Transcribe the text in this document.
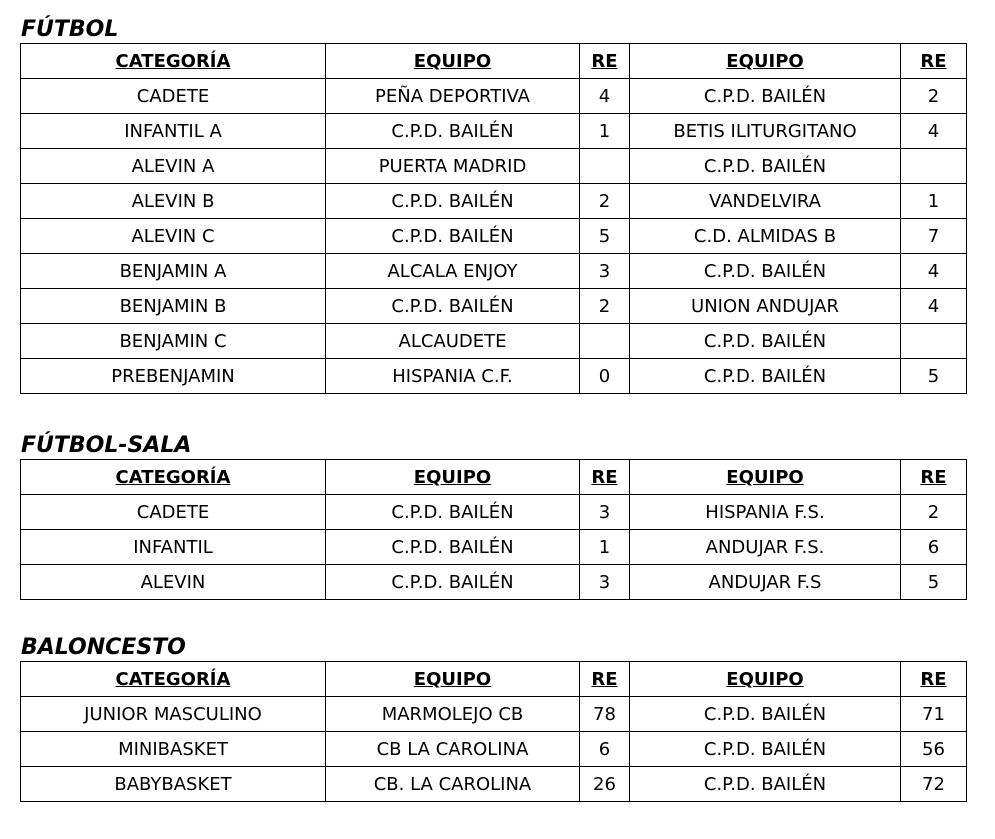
FÚTBOL
CATEGORÍA	EQUIPO	RE	EQUIPO	RE
CADETE	PEÑA DEPORTIVA	4	C.P.D. BAILÉN	2
INFANTIL A	C.P.D. BAILÉN	1	BETIS ILITURGITANO	4
ALEVIN A	PUERTA MADRID		C.P.D. BAILÉN	
ALEVIN B	C.P.D. BAILÉN	2	VANDELVIRA	1
ALEVIN C	C.P.D. BAILÉN	5	C.D. ALMIDAS B	7
BENJAMIN A	ALCALA ENJOY	3	C.P.D. BAILÉN	4
BENJAMIN B	C.P.D. BAILÉN	2	UNION ANDUJAR	4
BENJAMIN C	ALCAUDETE		C.P.D. BAILÉN	
PREBENJAMIN	HISPANIA C.F.	0	C.P.D. BAILÉN	5
FÚTBOL-SALA
CATEGORÍA	EQUIPO	RE	EQUIPO	RE
CADETE	C.P.D. BAILÉN	3	HISPANIA F.S.	2
INFANTIL	C.P.D. BAILÉN	1	ANDUJAR F.S.	6
ALEVIN	C.P.D. BAILÉN	3	ANDUJAR F.S	5
BALONCESTO
CATEGORÍA	EQUIPO	RE	EQUIPO	RE
JUNIOR MASCULINO	MARMOLEJO CB	78	C.P.D. BAILÉN	71
MINIBASKET	CB LA CAROLINA	6	C.P.D. BAILÉN	56
BABYBASKET	CB. LA CAROLINA	26	C.P.D. BAILÉN	72
